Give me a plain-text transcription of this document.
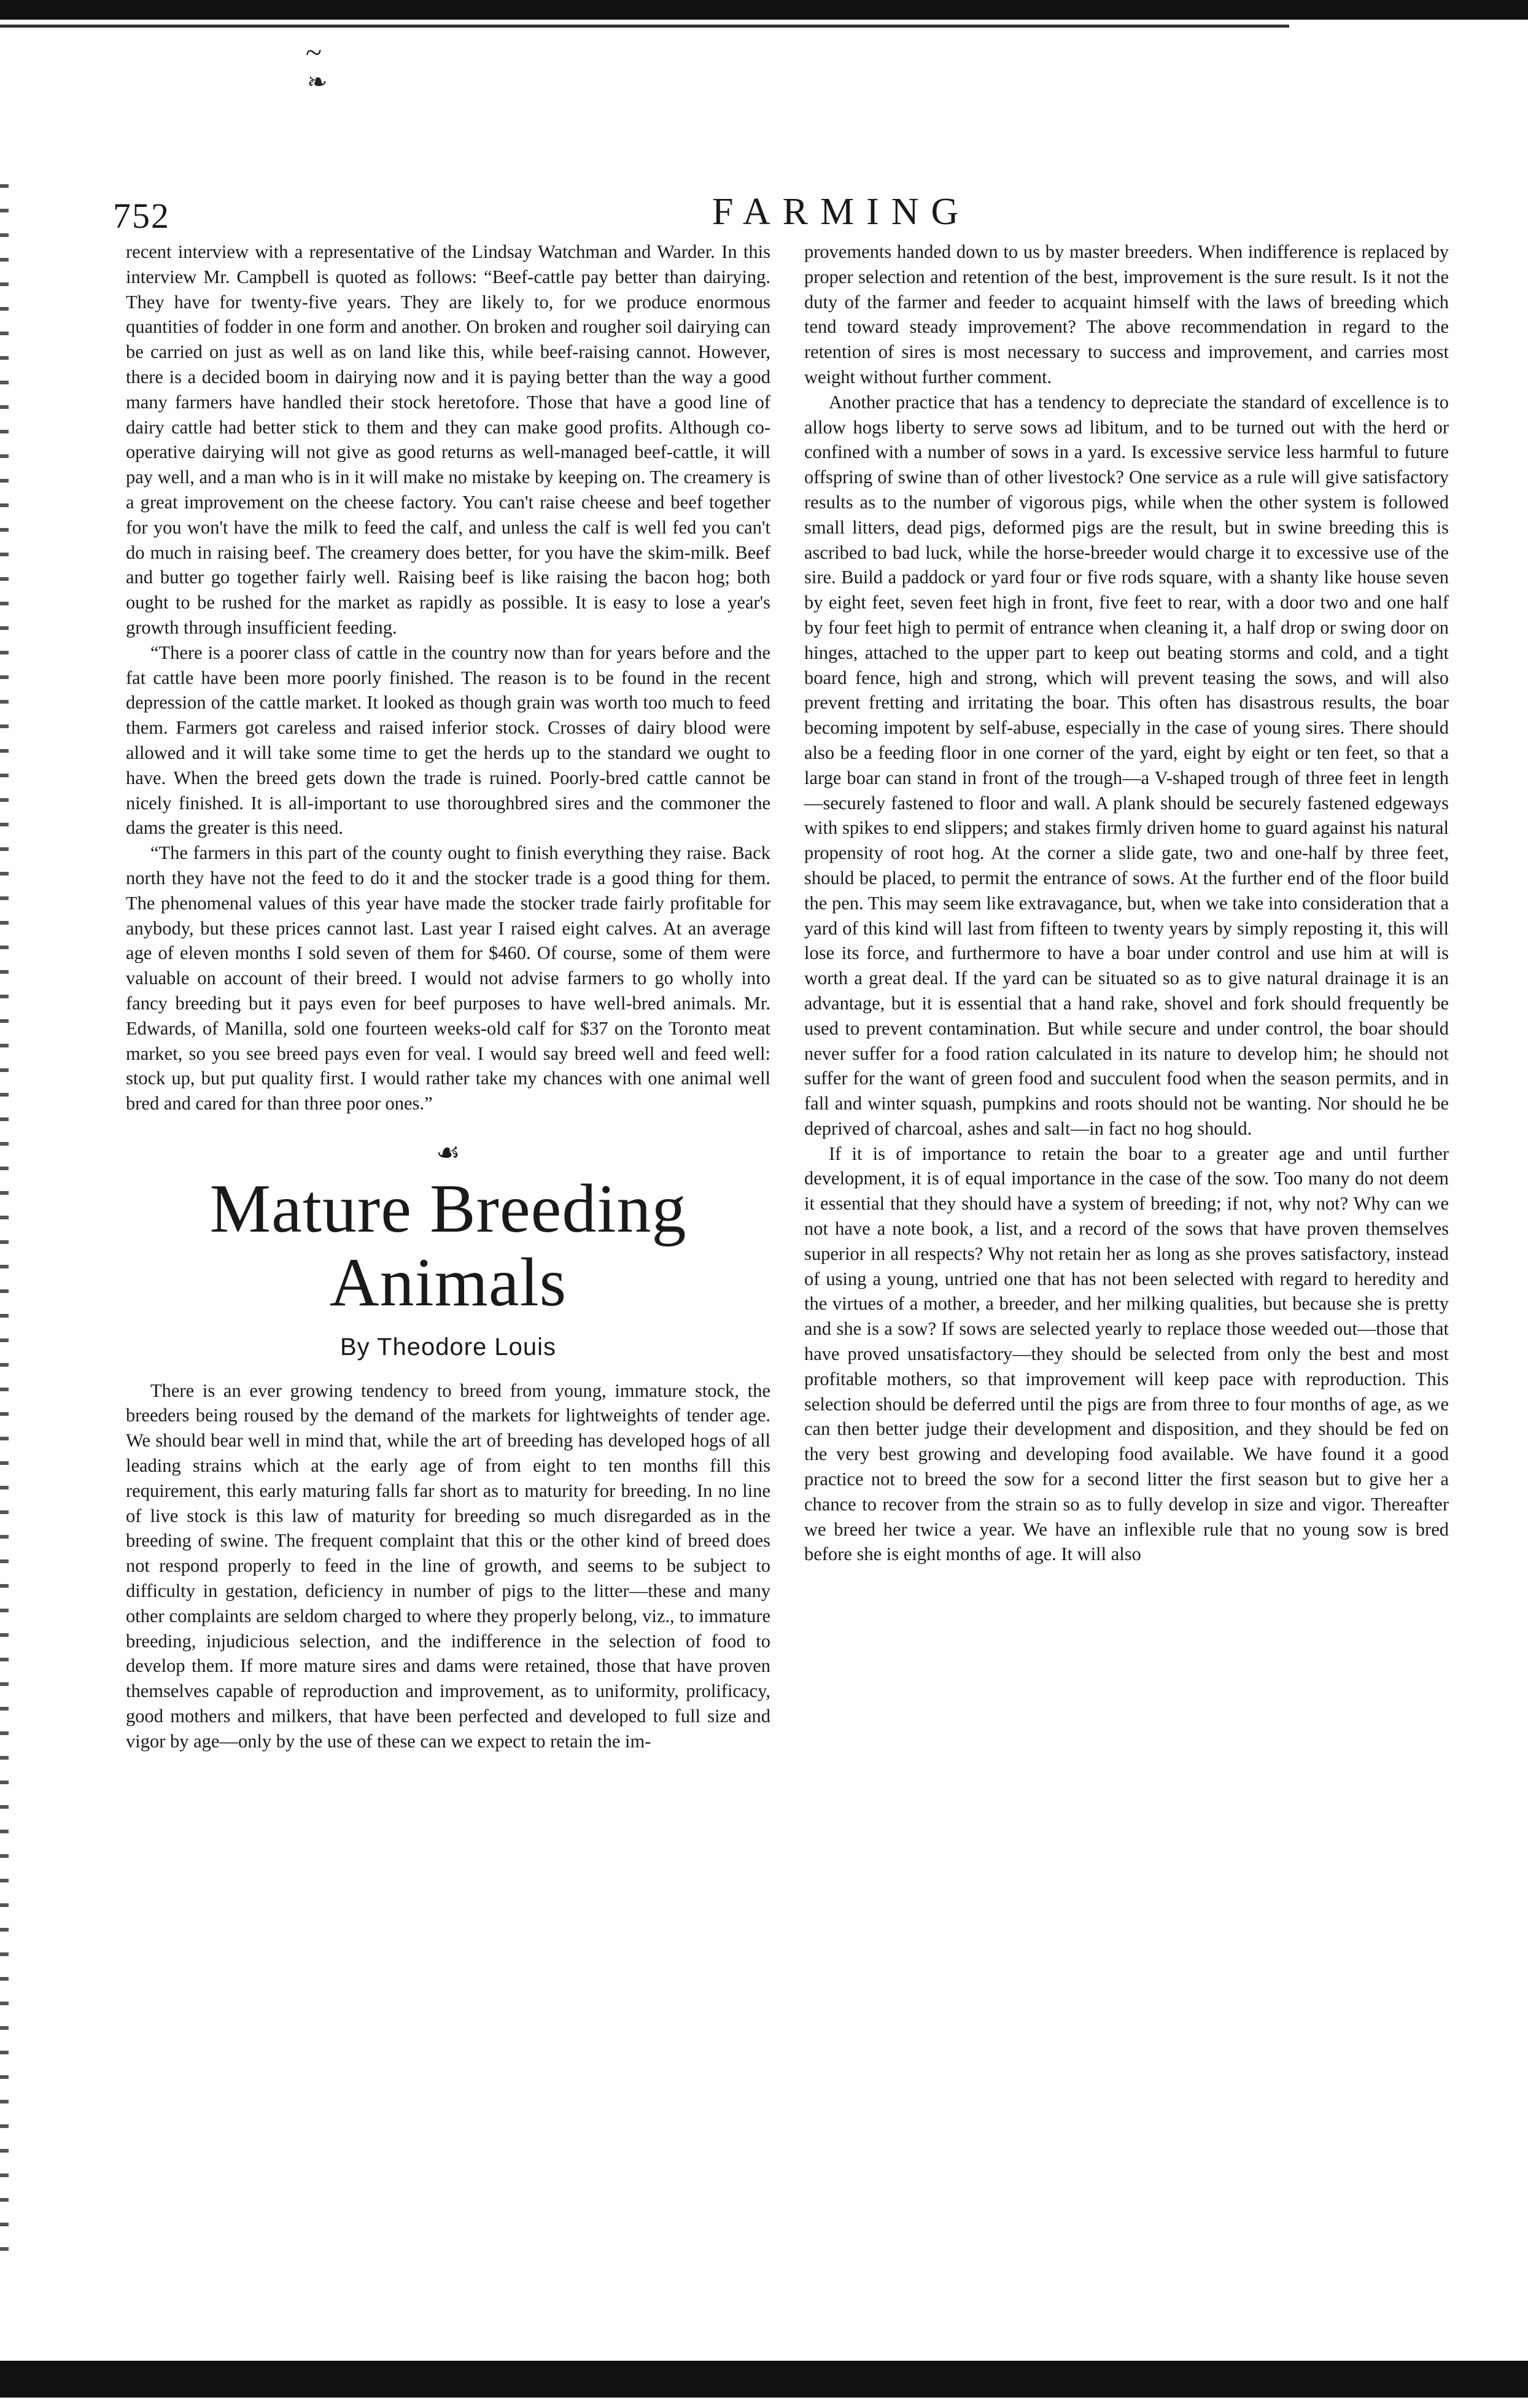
~
❧
752	FARMING

recent interview with a representative of the Lindsay Watchman and Warder. In this interview Mr. Campbell is quoted as follows: “Beef-cattle pay better than dairying. They have for twenty-five years. They are likely to, for we produce enormous quantities of fodder in one form and another. On broken and rougher soil dairying can be carried on just as well as on land like this, while beef-raising cannot. However, there is a decided boom in dairying now and it is paying better than the way a good many farmers have handled their stock heretofore. Those that have a good line of dairy cattle had better stick to them and they can make good profits. Although co-operative dairying will not give as good returns as well-managed beef-cattle, it will pay well, and a man who is in it will make no mistake by keeping on. The creamery is a great improvement on the cheese factory. You can't raise cheese and beef together for you won't have the milk to feed the calf, and unless the calf is well fed you can't do much in raising beef. The creamery does better, for you have the skim-milk. Beef and butter go together fairly well. Raising beef is like raising the bacon hog; both ought to be rushed for the market as rapidly as possible. It is easy to lose a year's growth through insufficient feeding.

“There is a poorer class of cattle in the country now than for years before and the fat cattle have been more poorly finished. The reason is to be found in the recent depression of the cattle market. It looked as though grain was worth too much to feed them. Farmers got careless and raised inferior stock. Crosses of dairy blood were allowed and it will take some time to get the herds up to the standard we ought to have. When the breed gets down the trade is ruined. Poorly-bred cattle cannot be nicely finished. It is all-important to use thoroughbred sires and the commoner the dams the greater is this need.

“The farmers in this part of the county ought to finish everything they raise. Back north they have not the feed to do it and the stocker trade is a good thing for them. The phenomenal values of this year have made the stocker trade fairly profitable for anybody, but these prices cannot last. Last year I raised eight calves. At an average age of eleven months I sold seven of them for $460. Of course, some of them were valuable on account of their breed. I would not advise farmers to go wholly into fancy breeding but it pays even for beef purposes to have well-bred animals. Mr. Edwards, of Manilla, sold one fourteen weeks-old calf for $37 on the Toronto meat market, so you see breed pays even for veal. I would say breed well and feed well: stock up, but put quality first. I would rather take my chances with one animal well bred and cared for than three poor ones.”

☙
Mature Breeding Animals
By Theodore Louis

There is an ever growing tendency to breed from young, immature stock, the breeders being roused by the demand of the markets for lightweights of tender age. We should bear well in mind that, while the art of breeding has developed hogs of all leading strains which at the early age of from eight to ten months fill this requirement, this early maturing falls far short as to maturity for breeding. In no line of live stock is this law of maturity for breeding so much disregarded as in the breeding of swine. The frequent complaint that this or the other kind of breed does not respond properly to feed in the line of growth, and seems to be subject to difficulty in gestation, deficiency in number of pigs to the litter—these and many other complaints are seldom charged to where they properly belong, viz., to immature breeding, injudicious selection, and the indifference in the selection of food to develop them. If more mature sires and dams were retained, those that have proven themselves capable of reproduction and improvement, as to uniformity, prolificacy, good mothers and milkers, that have been perfected and developed to full size and vigor by age—only by the use of these can we expect to retain the im-

provements handed down to us by master breeders. When indifference is replaced by proper selection and retention of the best, improvement is the sure result. Is it not the duty of the farmer and feeder to acquaint himself with the laws of breeding which tend toward steady improvement? The above recommendation in regard to the retention of sires is most necessary to success and improvement, and carries most weight without further comment.

Another practice that has a tendency to depreciate the standard of excellence is to allow hogs liberty to serve sows ad libitum, and to be turned out with the herd or confined with a number of sows in a yard. Is excessive service less harmful to future offspring of swine than of other livestock? One service as a rule will give satisfactory results as to the number of vigorous pigs, while when the other system is followed small litters, dead pigs, deformed pigs are the result, but in swine breeding this is ascribed to bad luck, while the horse-breeder would charge it to excessive use of the sire. Build a paddock or yard four or five rods square, with a shanty like house seven by eight feet, seven feet high in front, five feet to rear, with a door two and one half by four feet high to permit of entrance when cleaning it, a half drop or swing door on hinges, attached to the upper part to keep out beating storms and cold, and a tight board fence, high and strong, which will prevent teasing the sows, and will also prevent fretting and irritating the boar. This often has disastrous results, the boar becoming impotent by self-abuse, especially in the case of young sires. There should also be a feeding floor in one corner of the yard, eight by eight or ten feet, so that a large boar can stand in front of the trough—a V-shaped trough of three feet in length—securely fastened to floor and wall. A plank should be securely fastened edgeways with spikes to end slippers; and stakes firmly driven home to guard against his natural propensity of root hog. At the corner a slide gate, two and one-half by three feet, should be placed, to permit the entrance of sows. At the further end of the floor build the pen. This may seem like extravagance, but, when we take into consideration that a yard of this kind will last from fifteen to twenty years by simply reposting it, this will lose its force, and furthermore to have a boar under control and use him at will is worth a great deal. If the yard can be situated so as to give natural drainage it is an advantage, but it is essential that a hand rake, shovel and fork should frequently be used to prevent contamination. But while secure and under control, the boar should never suffer for a food ration calculated in its nature to develop him; he should not suffer for the want of green food and succulent food when the season permits, and in fall and winter squash, pumpkins and roots should not be wanting. Nor should he be deprived of charcoal, ashes and salt—in fact no hog should.

If it is of importance to retain the boar to a greater age and until further development, it is of equal importance in the case of the sow. Too many do not deem it essential that they should have a system of breeding; if not, why not? Why can we not have a note book, a list, and a record of the sows that have proven themselves superior in all respects? Why not retain her as long as she proves satisfactory, instead of using a young, untried one that has not been selected with regard to heredity and the virtues of a mother, a breeder, and her milking qualities, but because she is pretty and she is a sow? If sows are selected yearly to replace those weeded out—those that have proved unsatisfactory—they should be selected from only the best and most profitable mothers, so that improvement will keep pace with reproduction. This selection should be deferred until the pigs are from three to four months of age, as we can then better judge their development and disposition, and they should be fed on the very best growing and developing food available. We have found it a good practice not to breed the sow for a second litter the first season but to give her a chance to recover from the strain so as to fully develop in size and vigor. Thereafter we breed her twice a year. We have an inflexible rule that no young sow is bred before she is eight months of age. It will also
